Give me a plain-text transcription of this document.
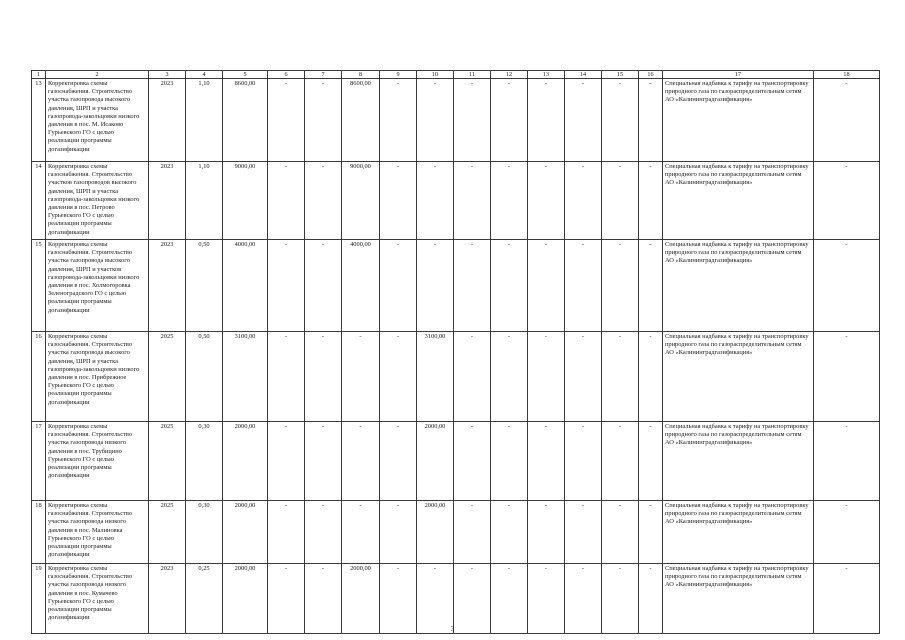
1	2	3	4	5	6	7	8	9	10	11	12	13	14	15	16	17	18
13	Корректировка схемы газоснабжения. Строительство участка газопровода высокого давления, ШРП и участка газопровода-закольцовки низкого давления в пос. М. Исаково Гурьевского ГО с целью реализации программы догазификации	2023	1,10	8600,00	-	-	8600,00	-	-	-	-	-	-	-	-	Специальная надбавка к тарифу на транспортировку природного газа по газораспределительным сетям АО «Калининградгазификация»	-
14	Корректировка схемы газоснабжения. Строительство участков газопроводов высокого давления, ШРП и участка газопровода-закольцовки низкого давления в пос. Петрово Гурьевского ГО с целью реализации программы догазификации	2023	1,10	9000,00	-	-	9000,00	-	-	-	-	-	-	-	-	Специальная надбавка к тарифу на транспортировку природного газа по газораспределительным сетям АО «Калининградгазификация»	-
15	Корректировка схемы газоснабжения. Строительство участка газопровода высокого давления, ШРП и участков газопровода-закольцовки низкого давления в пос. Холмогоровка Зеленоградского ГО с целью реализации программы догазификации	2023	0,50	4000,00	-	-	4000,00	-	-	-	-	-	-	-	-	Специальная надбавка к тарифу на транспортировку природного газа по газораспределительным сетям АО «Калининградгазификация»	-
16	Корректировка схемы газоснабжения. Строительство участка газопровода высокого давления, ШРП и участка газопровода-закольцовки низкого давления в пос. Прибрежное Гурьевского ГО с целью реализации программы догазификации	2025	0,50	3100,00	-	-	-	-	3100,00	-	-	-	-	-	-	Специальная надбавка к тарифу на транспортировку природного газа по газораспределительным сетям АО «Калининградгазификация»	-
17	Корректировка схемы газоснабжения. Строительство участка газопровода низкого давления в пос. Трубицино Гурьевского ГО с целью реализации программы догазификации	2025	0,30	2000,00	-	-	-	-	2000,00	-	-	-	-	-	-	Специальная надбавка к тарифу на транспортировку природного газа по газораспределительным сетям АО «Калининградгазификация»	-
18	Корректировка схемы газоснабжения. Строительство участка газопровода низкого давления в пос. Малиновка Гурьевского ГО с целью реализации программы догазификации	2025	0,30	2000,00	-	-	-	-	2000,00	-	-	-	-	-	-	Специальная надбавка к тарифу на транспортировку природного газа по газораспределительным сетям АО «Калининградгазификация»	-
19	Корректировка схемы газоснабжения. Строительство участка газопровода низкого давления в пос. Кумачево Гурьевского ГО с целью реализации программы догазификации	2023	0,25	2000,00	-	-	2000,00	-	-	-	-	-	-	-	-	Специальная надбавка к тарифу на транспортировку природного газа по газораспределительным сетям АО «Калининградгазификация»	-
3
